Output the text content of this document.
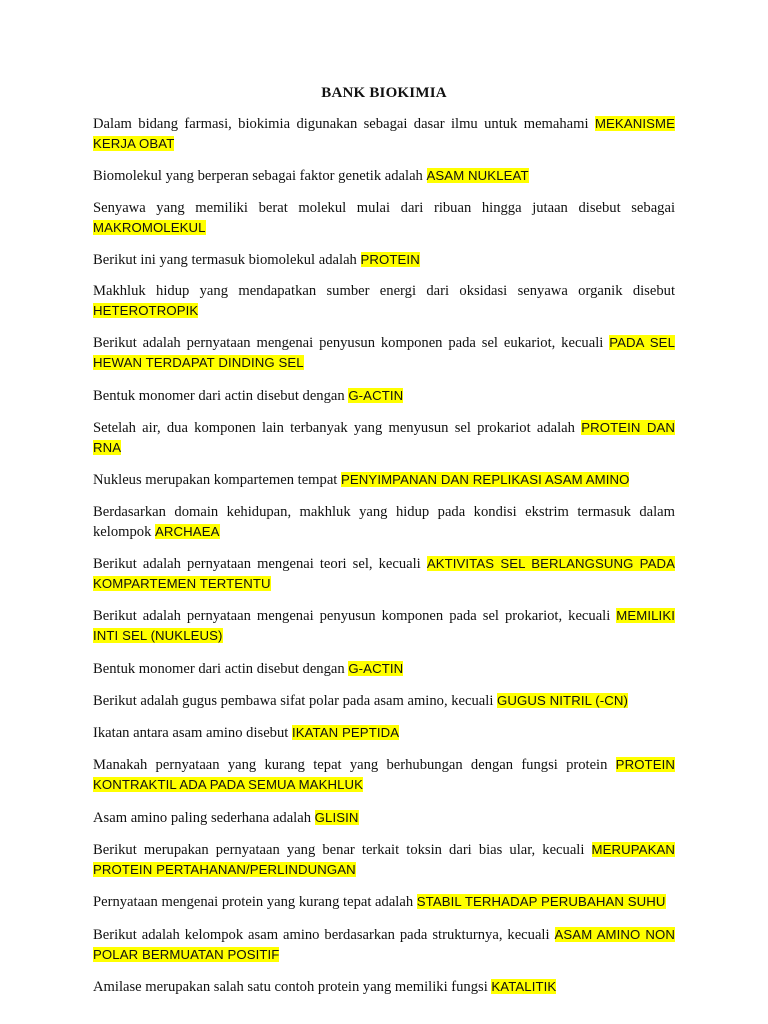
BANK BIOKIMIA

Dalam bidang farmasi, biokimia digunakan sebagai dasar ilmu untuk memahami MEKANISME KERJA OBAT

Biomolekul yang berperan sebagai faktor genetik adalah ASAM NUKLEAT

Senyawa yang memiliki berat molekul mulai dari ribuan hingga jutaan disebut sebagai MAKROMOLEKUL

Berikut ini yang termasuk biomolekul adalah PROTEIN

Makhluk hidup yang mendapatkan sumber energi dari oksidasi senyawa organik disebut HETEROTROPIK

Berikut adalah pernyataan mengenai penyusun komponen pada sel eukariot, kecuali PADA SEL HEWAN TERDAPAT DINDING SEL

Bentuk monomer dari actin disebut dengan G-ACTIN

Setelah air, dua komponen lain terbanyak yang menyusun sel prokariot adalah PROTEIN DAN RNA

Nukleus merupakan kompartemen tempat PENYIMPANAN DAN REPLIKASI ASAM AMINO

Berdasarkan domain kehidupan, makhluk yang hidup pada kondisi ekstrim termasuk dalam kelompok ARCHAEA

Berikut adalah pernyataan mengenai teori sel, kecuali AKTIVITAS SEL BERLANGSUNG PADA KOMPARTEMEN TERTENTU

Berikut adalah pernyataan mengenai penyusun komponen pada sel prokariot, kecuali MEMILIKI INTI SEL (NUKLEUS)

Bentuk monomer dari actin disebut dengan G-ACTIN

Berikut adalah gugus pembawa sifat polar pada asam amino, kecuali GUGUS NITRIL (-CN)

Ikatan antara asam amino disebut IKATAN PEPTIDA

Manakah pernyataan yang kurang tepat yang berhubungan dengan fungsi protein PROTEIN KONTRAKTIL ADA PADA SEMUA MAKHLUK

Asam amino paling sederhana adalah GLISIN

Berikut merupakan pernyataan yang benar terkait toksin dari bias ular, kecuali MERUPAKAN PROTEIN PERTAHANAN/PERLINDUNGAN

Pernyataan mengenai protein yang kurang tepat adalah STABIL TERHADAP PERUBAHAN SUHU

Berikut adalah kelompok asam amino berdasarkan pada strukturnya, kecuali ASAM AMINO NON POLAR BERMUATAN POSITIF

Amilase merupakan salah satu contoh protein yang memiliki fungsi KATALITIK
